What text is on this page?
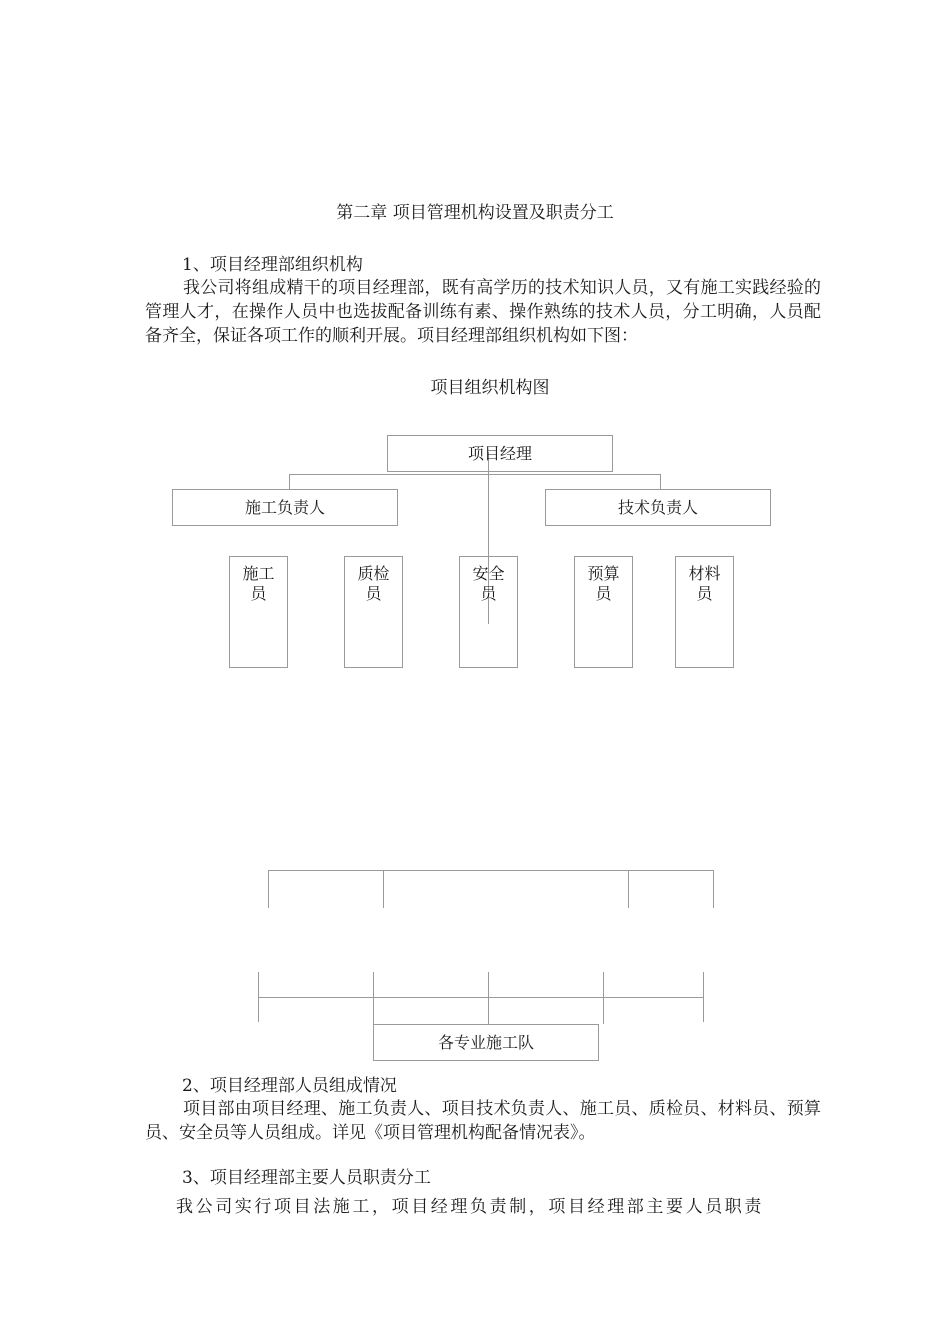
第二章 项目管理机构设置及职责分工
1、项目经理部组织机构
我公司将组成精干的项目经理部，既有高学历的技术知识人员，又有施工实践经验的管理人才，在操作人员中也选拔配备训练有素、操作熟练的技术人员，分工明确，人员配备齐全，保证各项工作的顺利开展。项目经理部组织机构如下图：
项目组织机构图
项目经理
施工负责人	技术负责人
施工
员
质检
员
安全
员
预算
员
材料
员
各专业施工队
2、项目经理部人员组成情况
项目部由项目经理、施工负责人、项目技术负责人、施工员、质检员、材料员、预算员、安全员等人员组成。详见《项目管理机构配备情况表》。
3、项目经理部主要人员职责分工
我公司实行项目法施工，项目经理负责制，项目经理部主要人员职责
